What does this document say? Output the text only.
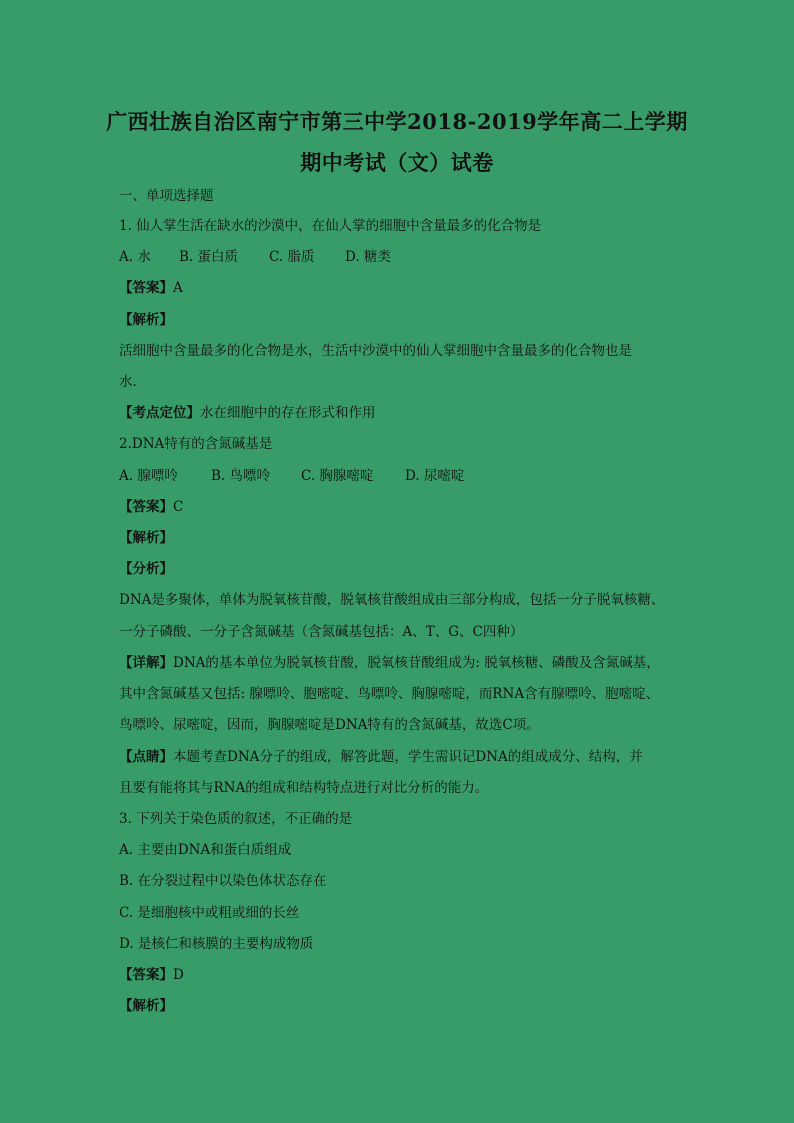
广西壮族自治区南宁市第三中学2018-2019学年高二上学期
期中考试（文）试卷
一、单项选择题
1. 仙人掌生活在缺水的沙漠中，在仙人掌的细胞中含量最多的化合物是
A. 水 B. 蛋白质 C. 脂质 D. 糖类
【答案】A
【解析】
活细胞中含量最多的化合物是水，生活中沙漠中的仙人掌细胞中含量最多的化合物也是
水．
【考点定位】水在细胞中的存在形式和作用
2.DNA特有的含氮碱基是
A. 腺嘌呤 B. 鸟嘌呤 C. 胸腺嘧啶 D. 尿嘧啶
【答案】C
【解析】
【分析】
DNA是多聚体，单体为脱氧核苷酸，脱氧核苷酸组成由三部分构成，包括一分子脱氧核糖、
一分子磷酸、一分子含氮碱基（含氮碱基包括：A、T、G、C四种）
【详解】DNA的基本单位为脱氧核苷酸，脱氧核苷酸组成为: 脱氧核糖、磷酸及含氮碱基，
其中含氮碱基又包括: 腺嘌呤、胞嘧啶、鸟嘌呤、胸腺嘧啶，而RNA含有腺嘌呤、胞嘧啶、
鸟嘌呤、尿嘧啶，因而，胸腺嘧啶是DNA特有的含氮碱基，故选C项。
【点睛】本题考查DNA分子的组成，解答此题，学生需识记DNA的组成成分、结构，并
且要有能将其与RNA的组成和结构特点进行对比分析的能力。
3. 下列关于染色质的叙述，不正确的是
A. 主要由DNA和蛋白质组成
B. 在分裂过程中以染色体状态存在
C. 是细胞核中或粗或细的长丝
D. 是核仁和核膜的主要构成物质
【答案】D
【解析】
